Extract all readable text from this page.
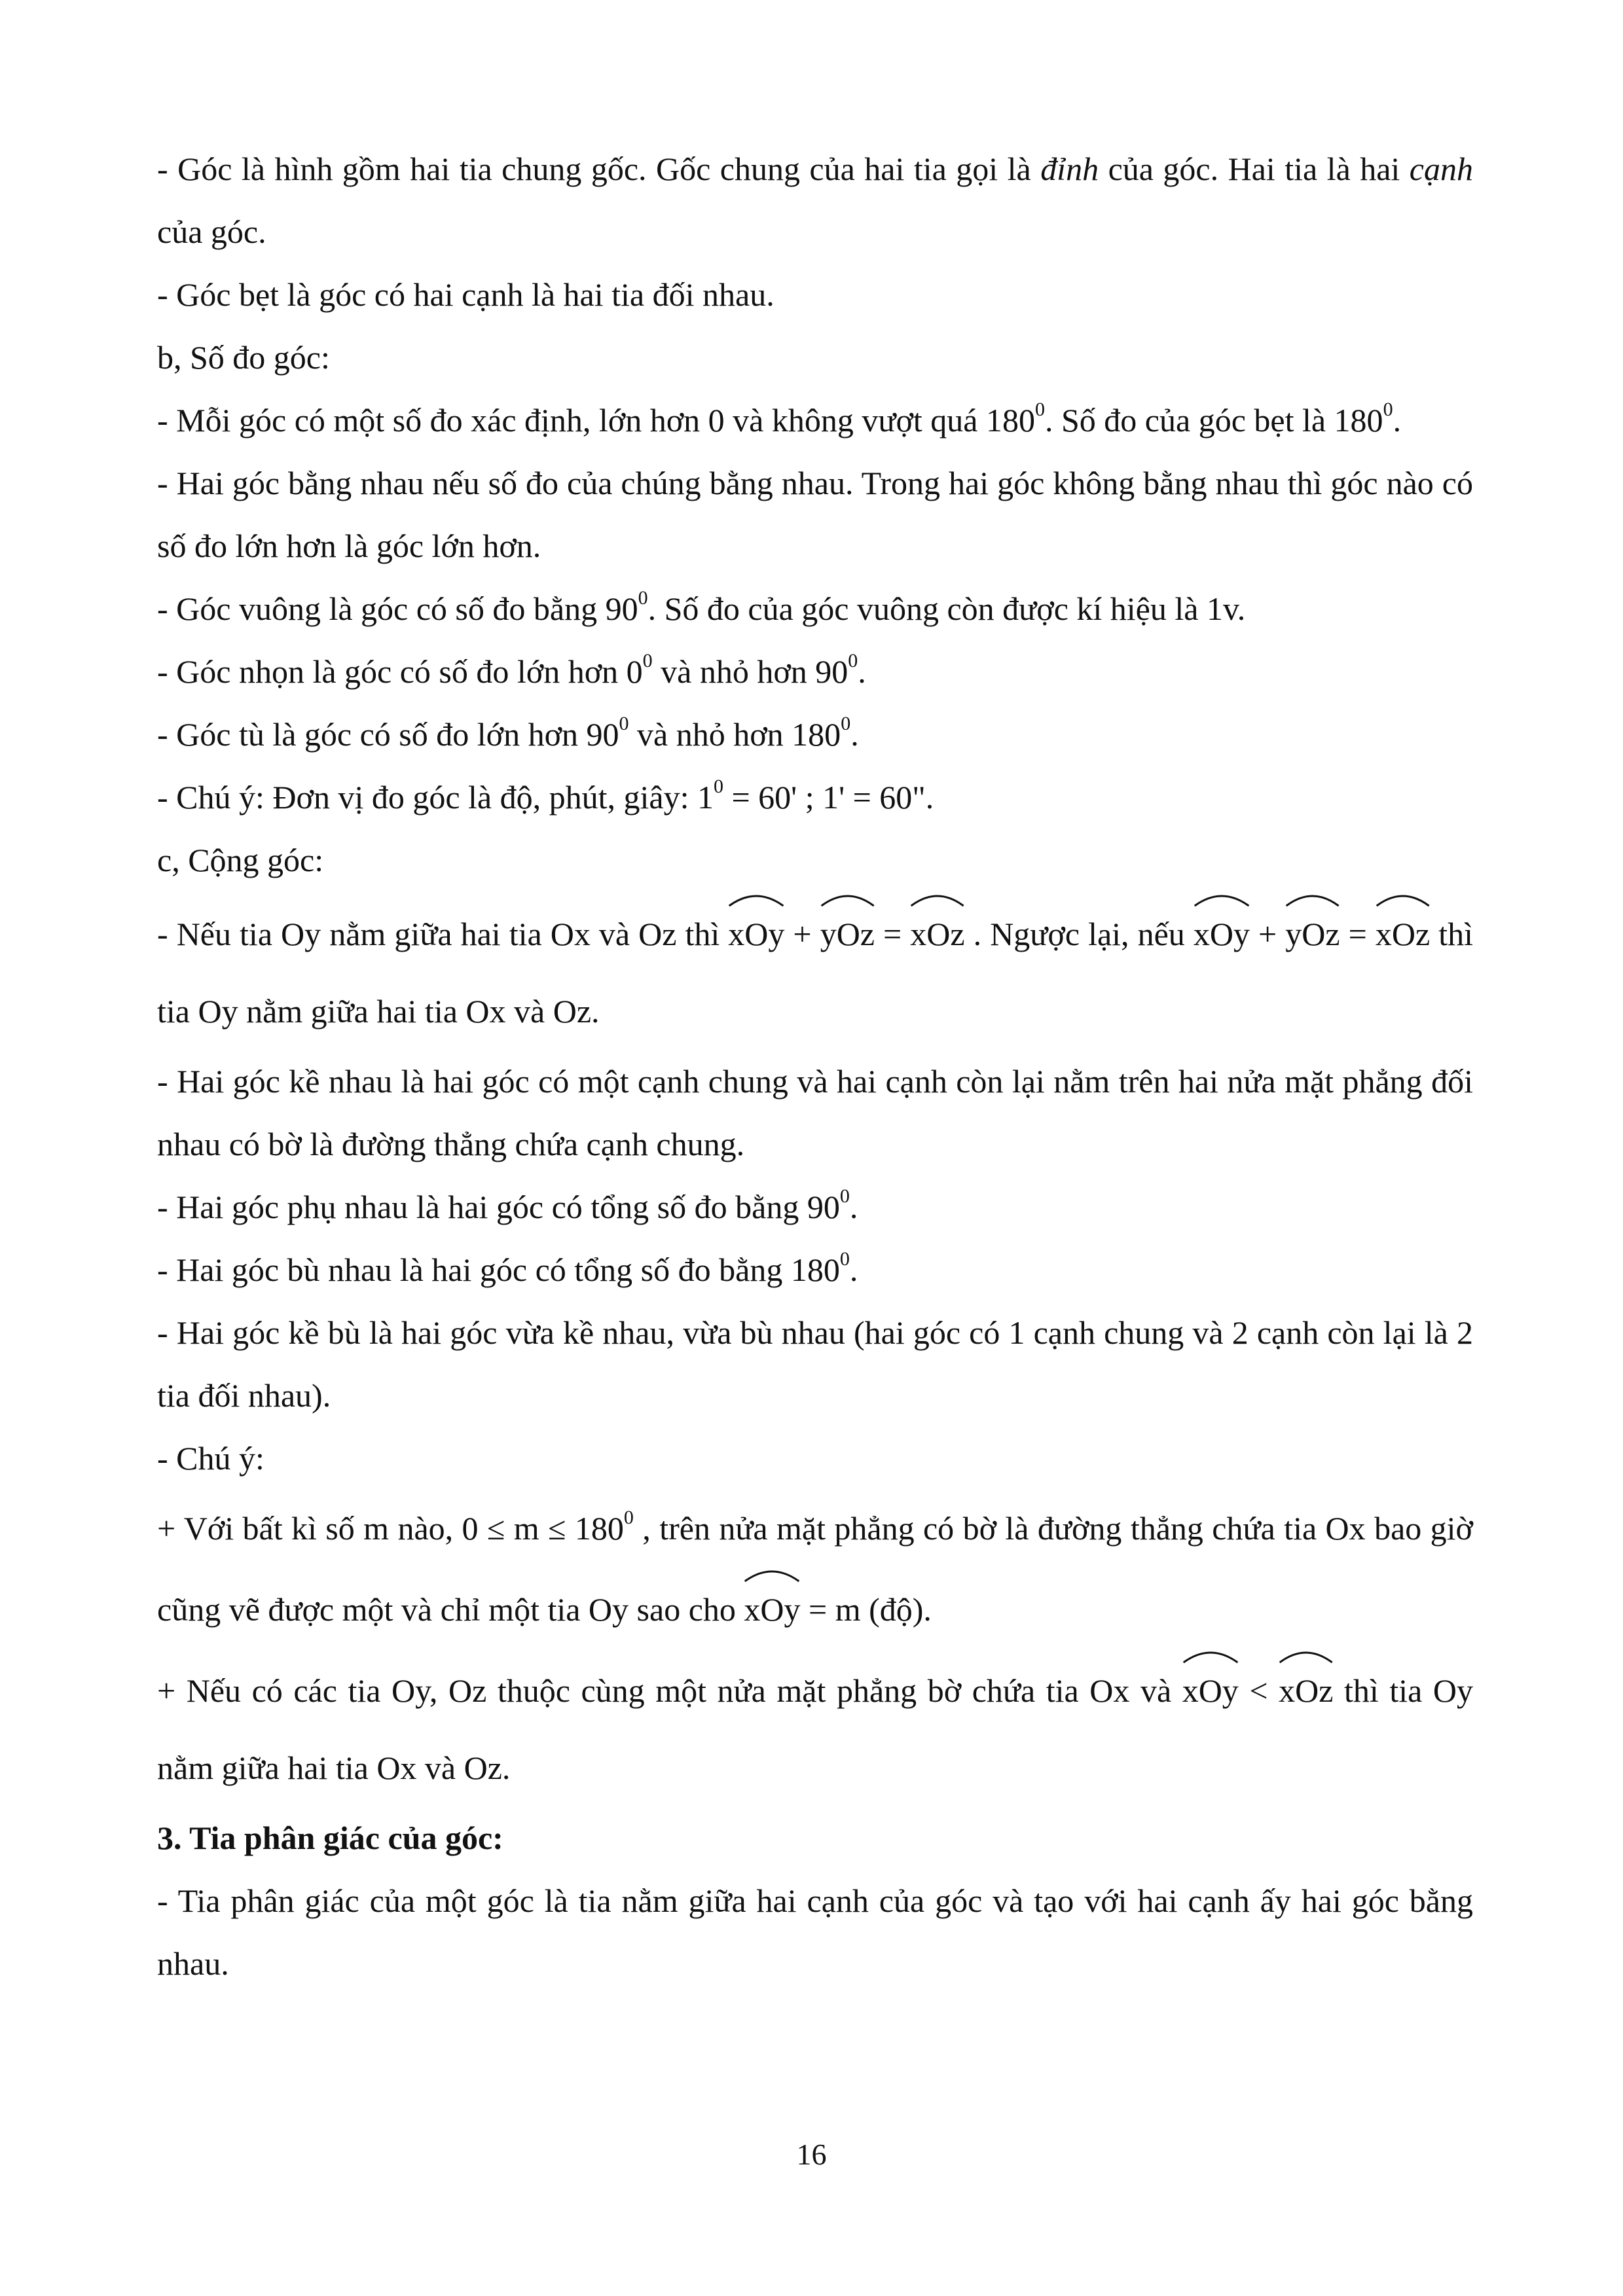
- Góc là hình gồm hai tia chung gốc. Gốc chung của hai tia gọi là đỉnh của góc. Hai tia là hai cạnh của góc.

- Góc bẹt là góc có hai cạnh là hai tia đối nhau.

b, Số đo góc:

- Mỗi góc có một số đo xác định, lớn hơn 0 và không vượt quá $180^0$. Số đo của góc bẹt là $180^0$.

- Hai góc bằng nhau nếu số đo của chúng bằng nhau. Trong hai góc không bằng nhau thì góc nào có số đo lớn hơn là góc lớn hơn.

- Góc vuông là góc có số đo bằng $90^0$. Số đo của góc vuông còn được kí hiệu là 1v.

- Góc nhọn là góc có số đo lớn hơn $0^0$ và nhỏ hơn $90^0$.

- Góc tù là góc có số đo lớn hơn $90^0$ và nhỏ hơn $180^0$.

- Chú ý: Đơn vị đo góc là độ, phút, giây: $1^0 = 60'$ ; 1' = 60".

c, Cộng góc:

- Nếu tia Oy nằm giữa hai tia Ox và Oz thì
xOy +
yOz =
xOz . Ngược lại, nếu
xOy +
yOz =
xOz thì tia Oy nằm giữa hai tia Ox và Oz.

- Hai góc kề nhau là hai góc có một cạnh chung và hai cạnh còn lại nằm trên hai nửa mặt phẳng đối nhau có bờ là đường thẳng chứa cạnh chung.

- Hai góc phụ nhau là hai góc có tổng số đo bằng $90^0$.

- Hai góc bù nhau là hai góc có tổng số đo bằng $180^0$.

- Hai góc kề bù là hai góc vừa kề nhau, vừa bù nhau (hai góc có 1 cạnh chung và 2 cạnh còn lại là 2 tia đối nhau).

- Chú ý:

+ Với bất kì số m nào, $0 \le m \le 180^0$ , trên nửa mặt phẳng có bờ là đường thẳng chứa tia Ox bao giờ cũng vẽ được một và chỉ một tia Oy sao cho
xOy = m (độ).

+ Nếu có các tia Oy, Oz thuộc cùng một nửa mặt phẳng bờ chứa tia Ox và
xOy <
xOz thì tia Oy nằm giữa hai tia Ox và Oz.

3. Tia phân giác của góc:

- Tia phân giác của một góc là tia nằm giữa hai cạnh của góc và tạo với hai cạnh ấy hai góc bằng nhau.

16
